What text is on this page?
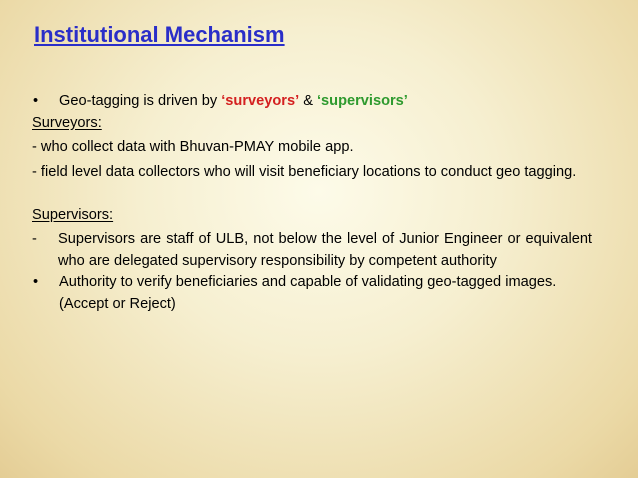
Institutional Mechanism
•	Geo-tagging is driven by ‘surveyors’ & ‘supervisors’
Surveyors:
- who collect data with Bhuvan-PMAY mobile app.
- field level data collectors who will visit beneficiary locations to conduct geo tagging.
Supervisors:
-	Supervisors are staff of ULB, not below the level of Junior Engineer or equivalent who are delegated supervisory responsibility by competent authority
•	Authority to verify beneficiaries and capable of validating geo-tagged images. (Accept or Reject)
